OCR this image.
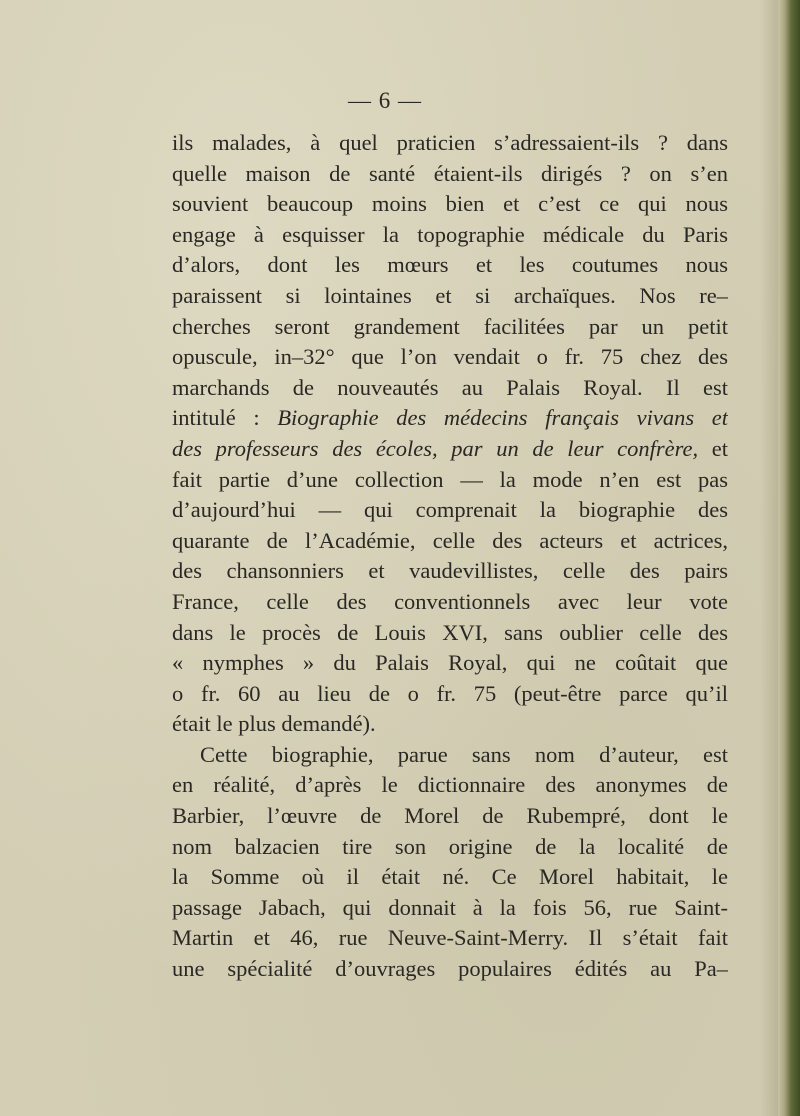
— 6 —
ils malades, à quel praticien s’adressaient-ils ? dans
quelle maison de santé étaient-ils dirigés ? on s’en
souvient beaucoup moins bien et c’est ce qui nous
engage à esquisser la topographie médicale du Paris
d’alors, dont les mœurs et les coutumes nous
paraissent si lointaines et si archaïques. Nos re–
cherches seront grandement facilitées par un petit
opuscule, in–32° que l’on vendait o fr. 75 chez des
marchands de nouveautés au Palais Royal. Il est
intitulé : Biographie des médecins français vivans et
des professeurs des écoles, par un de leur confrère, et
fait partie d’une collection — la mode n’en est pas
d’aujourd’hui — qui comprenait la biographie des
quarante de l’Académie, celle des acteurs et actrices,
des chansonniers et vaudevillistes, celle des pairs
France, celle des conventionnels avec leur vote
dans le procès de Louis XVI, sans oublier celle des
« nymphes » du Palais Royal, qui ne coûtait que
o fr. 60 au lieu de o fr. 75 (peut-être parce qu’il
était le plus demandé).
Cette biographie, parue sans nom d’auteur, est
en réalité, d’après le dictionnaire des anonymes de
Barbier, l’œuvre de Morel de Rubempré, dont le
nom balzacien tire son origine de la localité de
la Somme où il était né. Ce Morel habitait, le
passage Jabach, qui donnait à la fois 56, rue Saint-
Martin et 46, rue Neuve-Saint-Merry. Il s’était fait
une spécialité d’ouvrages populaires édités au Pa–
